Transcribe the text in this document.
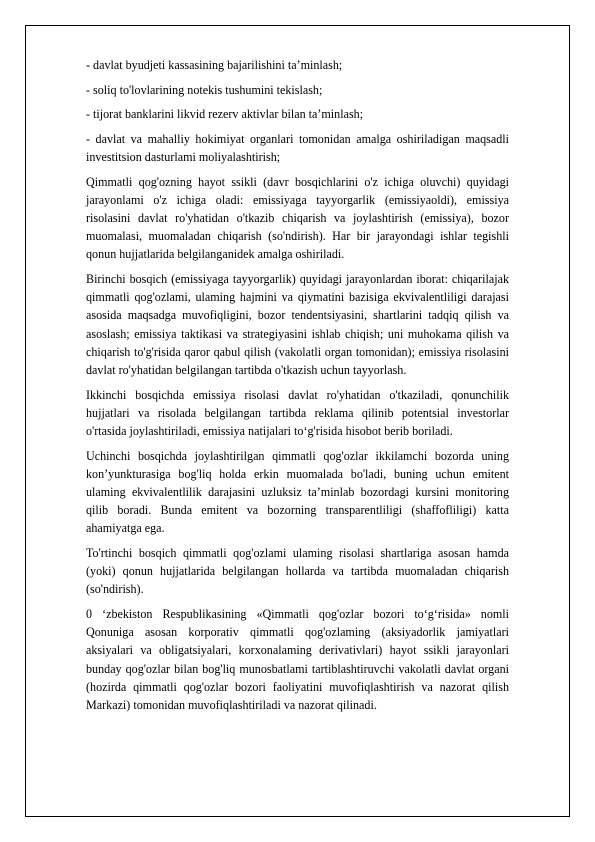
- davlat byudjeti kassasining bajarilishini ta’minlash;

- soliq to'lovlarining notekis tushumini tekislash;

- tijorat banklarini likvid rezerv aktivlar bilan ta’minlash;

- davlat va mahalliy hokimiyat organlari tomonidan amalga oshiriladigan maqsadli investitsion dasturlami moliyalashtirish;

Qimmatli qog'ozning hayot ssikli (davr bosqichlarini o'z ichiga oluvchi) quyidagi jarayonlami o'z ichiga oladi: emissiyaga tayyorgarlik (emissiyaoldi), emissiya risolasini davlat ro'yhatidan o'tkazib chiqarish va joylashtirish (emissiya), bozor muomalasi, muomaladan chiqarish (so'ndirish). Har bir jarayondagi ishlar tegishli qonun hujjatlarida belgilanganidek amalga oshiriladi.

Birinchi bosqich (emissiyaga tayyorgarlik) quyidagi jarayonlardan iborat: chiqarilajak qimmatli qog'ozlami, ulaming hajmini va qiymatini bazisiga ekvivalentliligi darajasi asosida maqsadga muvofiqligini, bozor tendentsiyasini, shartlarini tadqiq qilish va asoslash; emissiya taktikasi va strategiyasini ishlab chiqish; uni muhokama qilish va chiqarish to'g'risida qaror qabul qilish (vakolatli organ tomonidan); emissiya risolasini davlat ro'yhatidan belgilangan tartibda o'tkazish uchun tayyorlash.

Ikkinchi bosqichda emissiya risolasi davlat ro'yhatidan o'tkaziladi, qonunchilik hujjatlari va risolada belgilangan tartibda reklama qilinib potentsial investorlar o'rtasida joylashtiriladi, emissiya natijalari to‘g'risida hisobot berib boriladi.

Uchinchi bosqichda joylashtirilgan qimmatli qog'ozlar ikkilamchi bozorda uning kon’yunkturasiga bog'liq holda erkin muomalada bo'ladi, buning uchun emitent ulaming ekvivalentlilik darajasini uzluksiz ta’minlab bozordagi kursini monitoring qilib boradi. Bunda emitent va bozorning transparentliligi (shaffofliligi) katta ahamiyatga ega.

To'rtinchi bosqich qimmatli qog'ozlami ulaming risolasi shartlariga asosan hamda (yoki) qonun hujjatlarida belgilangan hollarda va tartibda muomaladan chiqarish (so'ndirish).

0 ‘zbekiston Respublikasining «Qimmatli qog'ozlar bozori to‘g‘risida» nomli Qonuniga asosan korporativ qimmatli qog'ozlaming (aksiyadorlik jamiyatlari aksiyalari va obligatsiyalari, korxonalaming derivativlari) hayot ssikli jarayonlari bunday qog'ozlar bilan bog'liq munosbatlami tartiblashtiruvchi vakolatli davlat organi (hozirda qimmatli qog'ozlar bozori faoliyatini muvofiqlashtirish va nazorat qilish Markazi) tomonidan muvofiqlashtiriladi va nazorat qilinadi.
